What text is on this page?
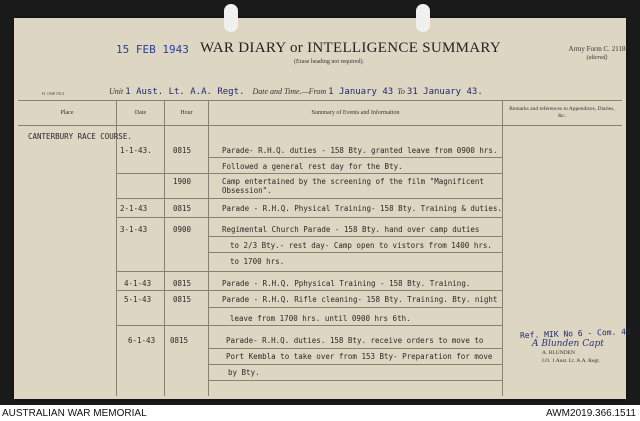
15 FEB 1943 WAR DIARY or INTELLIGENCE SUMMARY
(Erase heading not required).
Army Form C. 2118
(altered)
H. 1948 1914	Unit 1 Aust. Lt. A.A. Regt. Date and Time.—From 1 January 43 To 31 January 43.
Place	Date	Hour	Summary of Events and Information
Remarks and references to Appendices, Diaries, &c.
CANTERBURY RACE COURSE.
1-1-43.	0815	Parade- R.H.Q. duties - 158 Bty. granted leave from 0900 hrs.
Followed a general rest day for the Bty.
1900	Camp entertained by the screening of the film "Magnificent
Obsession".
2-1-43	0815	Parade - R.H.Q. Physical Training- 158 Bty. Training & duties.
3-1-43	0900	Regimental Church Parade - 158 Bty. hand over camp duties
to 2/3 Bty.- rest day- Camp open to vistors from 1400 hrs.
to 1700 hrs.
4-1-43	0815	Parade - R.H.Q. Pphysical Training - 158 Bty. Training.
5-1-43	0815	Parade - R.H.Q. Rifle cleaning- 158 Bty. Training. Bty. night
leave from 1700 hrs. until 0900 hrs 6th.
6-1-43 0815	Parade- R.H.Q. duties. 158 Bty. receive orders to move to
Port Kembla to take over from 153 Bty- Preparation for move
by Bty.
Ref. MIK No 6 - Com. 43
A Blunden Capt
A. BLUNDEN
I.O. 1 Aust. Lt. A.A. Regt.
AUSTRALIAN WAR MEMORIAL	AWM2019.366.1511
